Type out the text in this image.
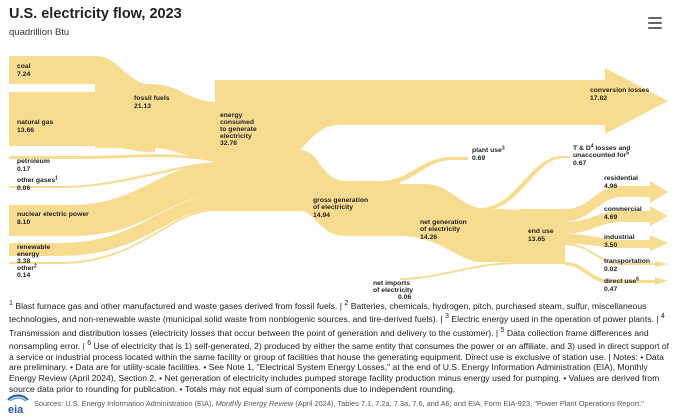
U.S. electricity flow, 2023
quadrillion Btu
coal
7.24
natural gas
13.66
petroleum
0.17
other gases$^1$
0.06
nuclear electric power
8.10
renewable
energy
3.38
other$^2$
0.14
fossil fuels
21.13
energy
consumed
to generate
electricity
32.76
conversion losses
17.82
gross generation
of electricity
14.94
plant use$^3$
0.69
T & $D^4$ losses and
unaccounted for$^5$
0.67
net generation
of electricity
14.26
net imports
of electricity
0.06
end use
13.65
residential
4.96
commercial
4.69
industrial
3.50
transportation
0.02
direct use$^6$
0.47
$^1$ Blast furnace gas and other manufactured and waste gases derived from fossil fuels. | $^2$ Batteries, chemicals, hydrogen, pitch, purchased steam, sulfur, miscellaneous technologies, and non-renewable waste (municipal solid waste from nonbiogenic sources, and tire-derived fuels). | $^3$ Electric energy used in the operation of power plants. | $^4$ Transmission and distribution losses (electricity losses that occur between the point of generation and delivery to the customer). | $^5$ Data collection frame differences and nonsampling error. | $^6$ Use of electricity that is 1) self-generated, 2) produced by either the same entity that consumes the power or an affiliate, and 3) used in direct support of a service or industrial process located within the same facility or group of facilities that house the generating equipment. Direct use is exclusive of station use. | Notes: • Data are preliminary. • Data are for utility-scale facilities. • See Note 1, "Electrical System Energy Losses," at the end of U.S. Energy Information Administration (EIA), Monthly Energy Review (April 2024), Section 2. • Net generation of electricity includes pumped storage facility production minus energy used for pumping. • Values are derived from source data prior to rounding for publication. • Totals may not equal sum of components due to independent rounding.
eia
Sources: U.S. Energy Information Administration (EIA), Monthly Energy Review (April 2024), Tables 7.1, 7.2a, 7.3a, 7.6, and A6; and EIA, Form EIA-923, "Power Plant Operations Report."
